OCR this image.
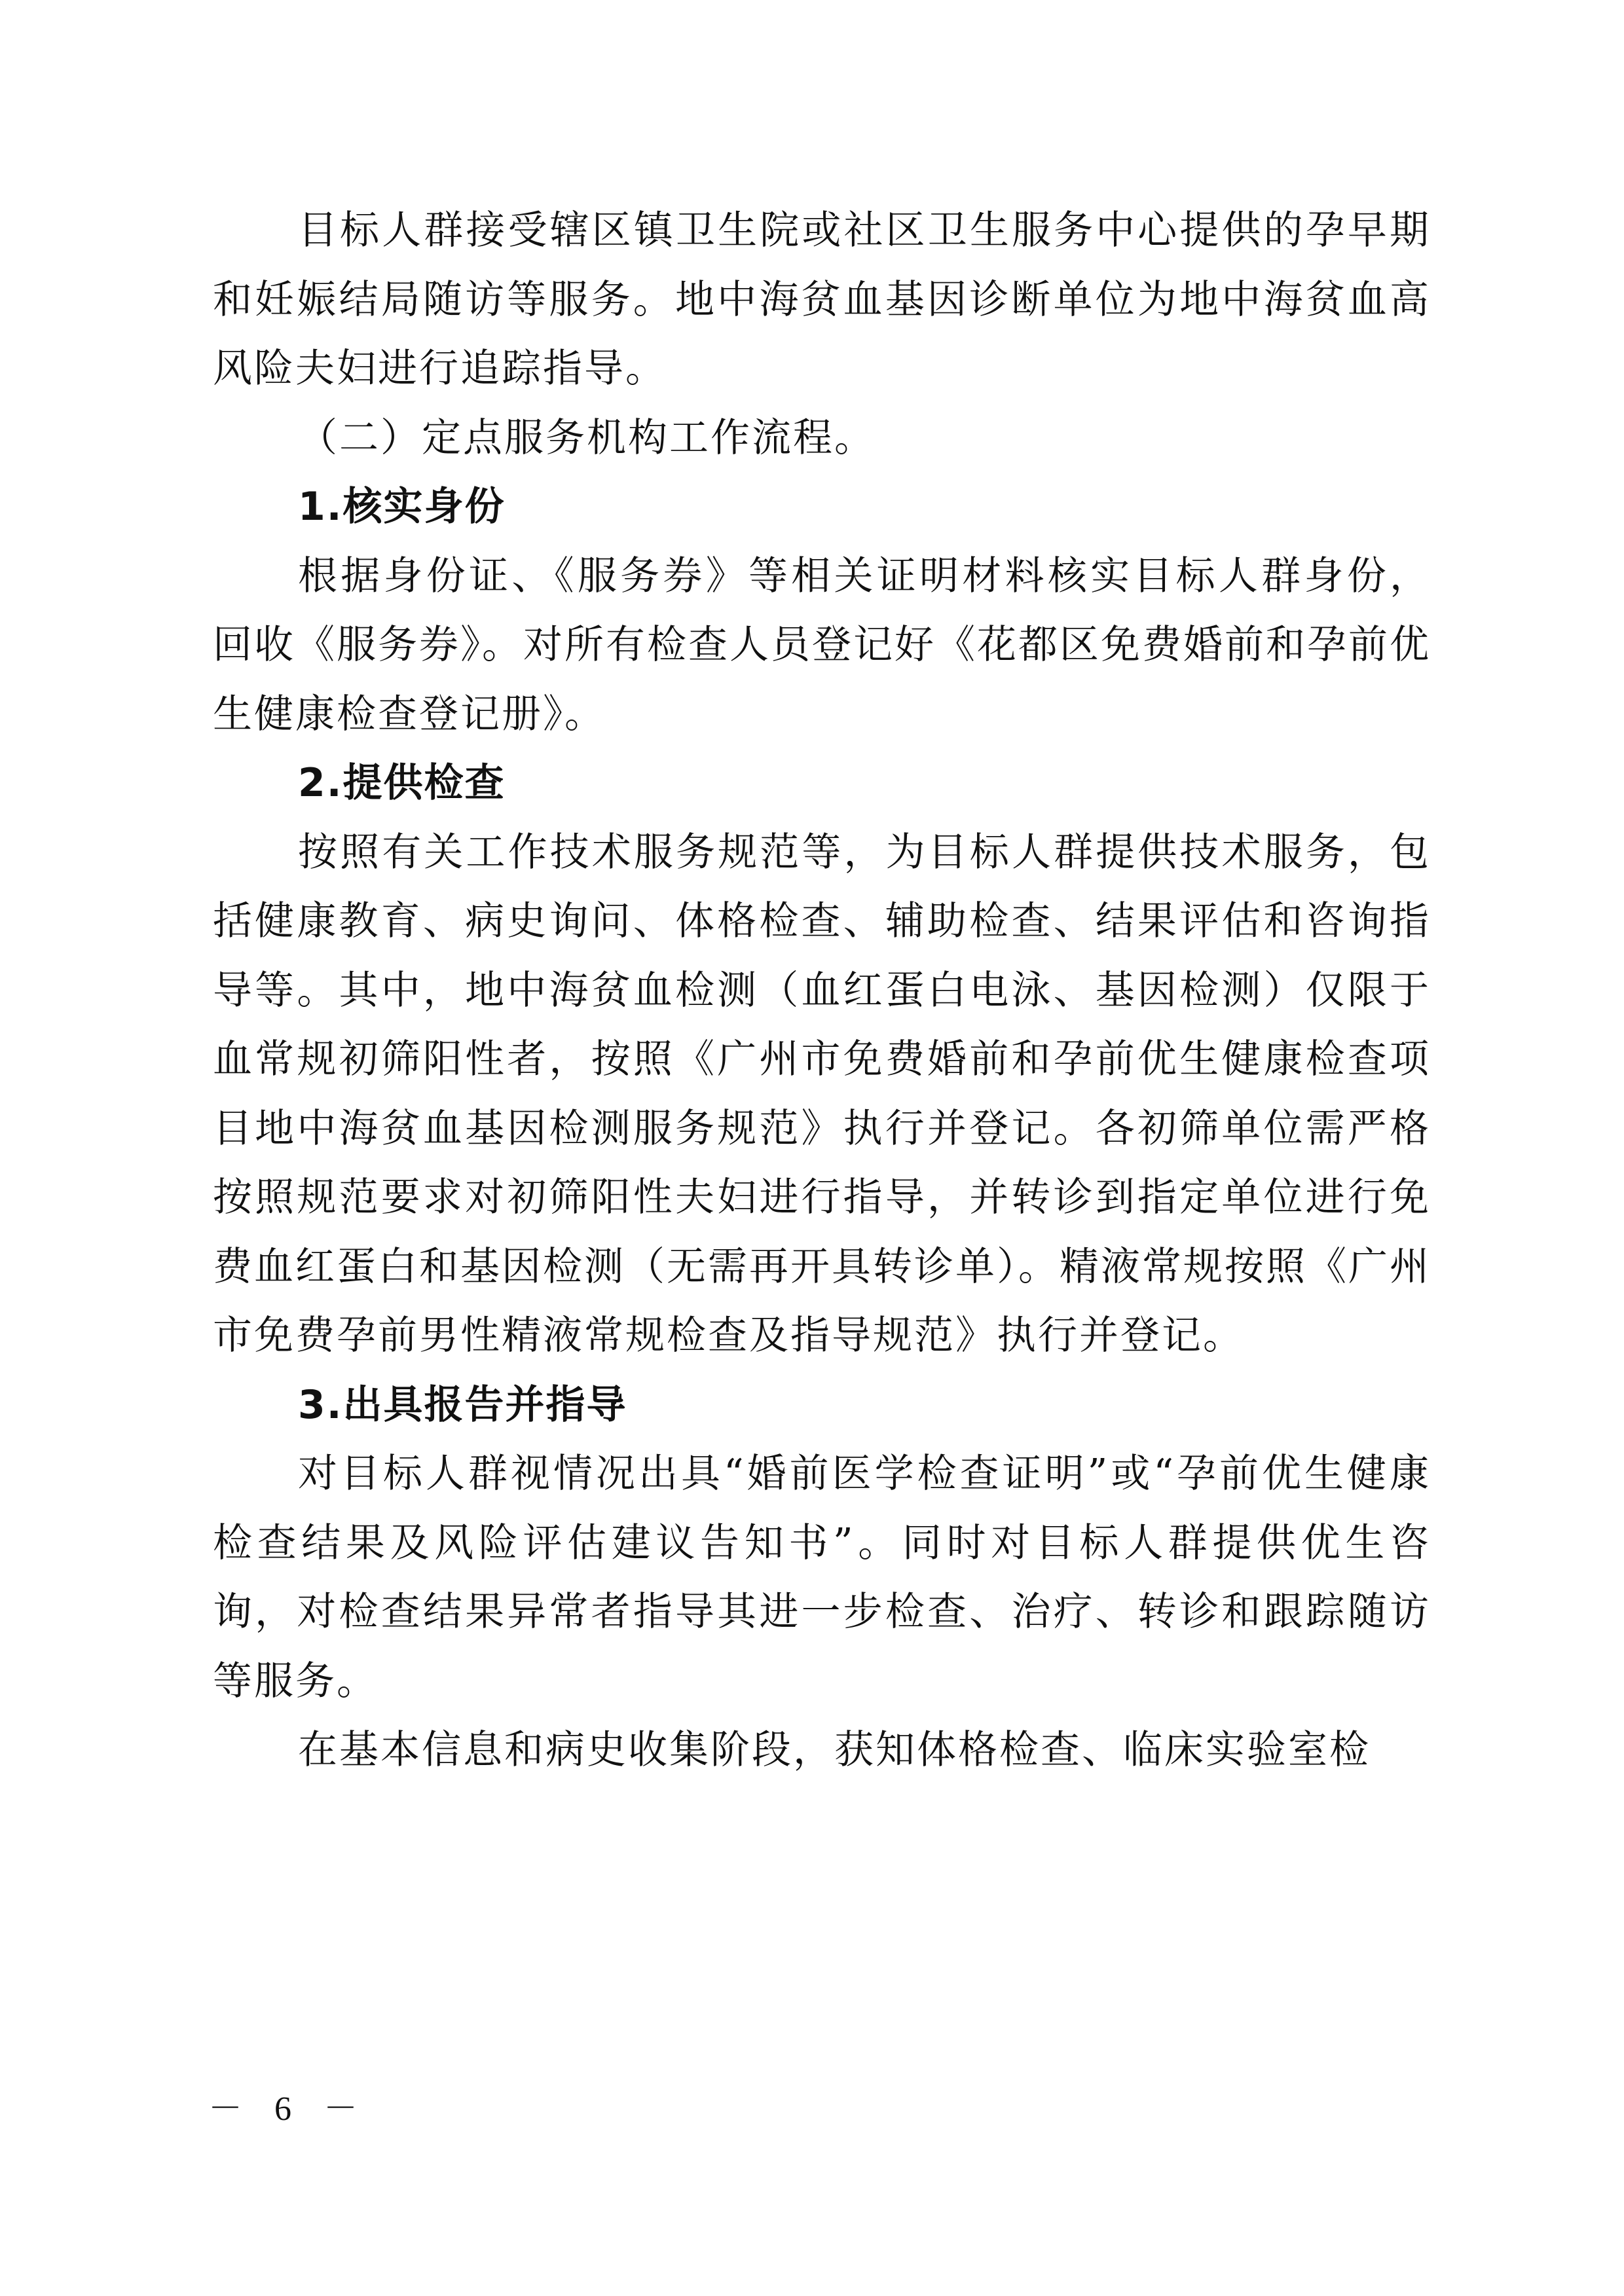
目标人群接受辖区镇卫生院或社区卫生服务中心提供的孕早期和妊娠结局随访等服务。地中海贫血基因诊断单位为地中海贫血高风险夫妇进行追踪指导。

（二）定点服务机构工作流程。

1.核实身份

根据身份证、《服务券》等相关证明材料核实目标人群身份，回收《服务券》。对所有检查人员登记好《花都区免费婚前和孕前优生健康检查登记册》。

2.提供检查

按照有关工作技术服务规范等，为目标人群提供技术服务，包括健康教育、病史询问、体格检查、辅助检查、结果评估和咨询指导等。其中，地中海贫血检测（血红蛋白电泳、基因检测）仅限于血常规初筛阳性者，按照《广州市免费婚前和孕前优生健康检查项目地中海贫血基因检测服务规范》执行并登记。各初筛单位需严格按照规范要求对初筛阳性夫妇进行指导，并转诊到指定单位进行免费血红蛋白和基因检测（无需再开具转诊单）。精液常规按照《广州市免费孕前男性精液常规检查及指导规范》执行并登记。

3.出具报告并指导

对目标人群视情况出具“婚前医学检查证明”或“孕前优生健康检查结果及风险评估建议告知书”。同时对目标人群提供优生咨询，对检查结果异常者指导其进一步检查、治疗、转诊和跟踪随访等服务。

在基本信息和病史收集阶段，获知体格检查、临床实验室检

－ 6 －
